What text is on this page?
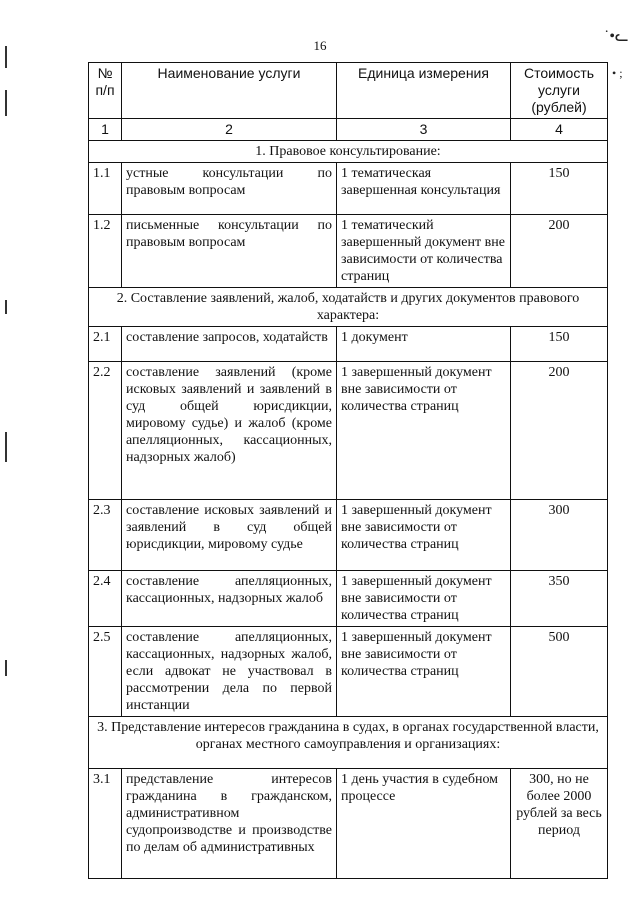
˙•ᓚ
• ;
16
№ п/п	Наименование услуги	Единица измерения	Стоимость услуги (рублей)
1	2	3	4
1. Правовое консультирование:			
1.1	устные консультации по правовым вопросам	1 тематическая завершенная консультация	150
1.2	письменные консультации по правовым вопросам	1 тематический завершенный документ вне зависимости от количества страниц	200
2. Составление заявлений, жалоб, ходатайств и других документов правового характера:			
2.1	составление запросов, ходатайств	1 документ	150
2.2	составление заявлений (кроме исковых заявлений и заявлений в суд общей юрисдикции, мировому судье) и жалоб (кроме апелляционных, кассационных, надзорных жалоб)	1 завершенный документ вне зависимости от количества страниц	200
2.3	составление исковых заявлений и заявлений в суд общей юрисдикции, мировому судье	1 завершенный документ вне зависимости от количества страниц	300
2.4	составление апелляционных, кассационных, надзорных жалоб	1 завершенный документ вне зависимости от количества страниц	350
2.5	составление апелляционных, кассационных, надзорных жалоб, если адвокат не участвовал в рассмотрении дела по первой инстанции	1 завершенный документ вне зависимости от количества страниц	500
3. Представление интересов гражданина в судах, в органах государственной власти, органах местного самоуправления и организациях:			
3.1	представление интересов гражданина в гражданском, административном судопроизводстве и производстве по делам об административных	1 день участия в судебном процессе	300, но не более 2000 рублей за весь период
